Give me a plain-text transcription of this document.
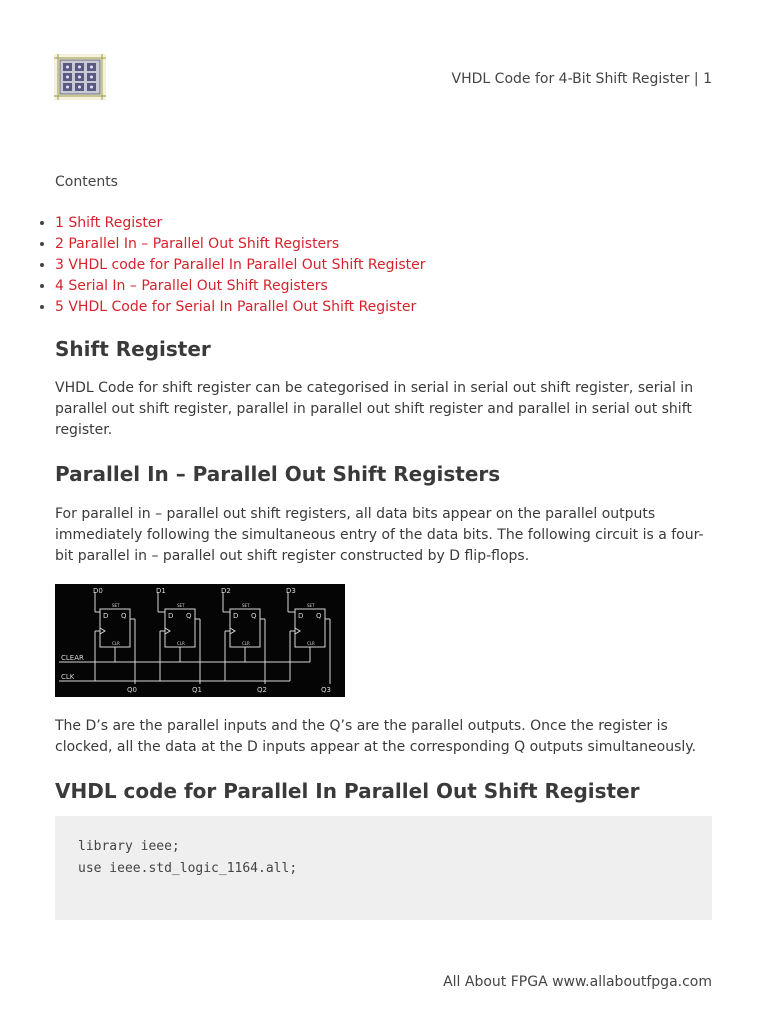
VHDL Code for 4-Bit Shift Register | 1
Contents
• 1 Shift Register
• 2 Parallel In – Parallel Out Shift Registers
• 3 VHDL code for Parallel In Parallel Out Shift Register
• 4 Serial In – Parallel Out Shift Registers
• 5 VHDL Code for Serial In Parallel Out Shift Register
Shift Register

VHDL Code for shift register can be categorised in serial in serial out shift register, serial in parallel out shift register, parallel in parallel out shift register and parallel in serial out shift register.

Parallel In – Parallel Out Shift Registers

For parallel in – parallel out shift registers, all data bits appear on the parallel outputs immediately following the simultaneous entry of the data bits. The following circuit is a four-bit parallel in – parallel out shift register constructed by D flip-flops.

D0	D1	D2	D3
D	D	D	D
Q	Q	Q	Q
CLEAR
CLK
Q0	Q1	Q2	Q3
SET	SET	SET	SET
CLR	CLR	CLR	CLR

The D’s are the parallel inputs and the Q’s are the parallel outputs. Once the register is clocked, all the data at the D inputs appear at the corresponding Q outputs simultaneously.

VHDL code for Parallel In Parallel Out Shift Register
library ieee;
use ieee.std_logic_1164.all;
All About FPGA www.allaboutfpga.com
